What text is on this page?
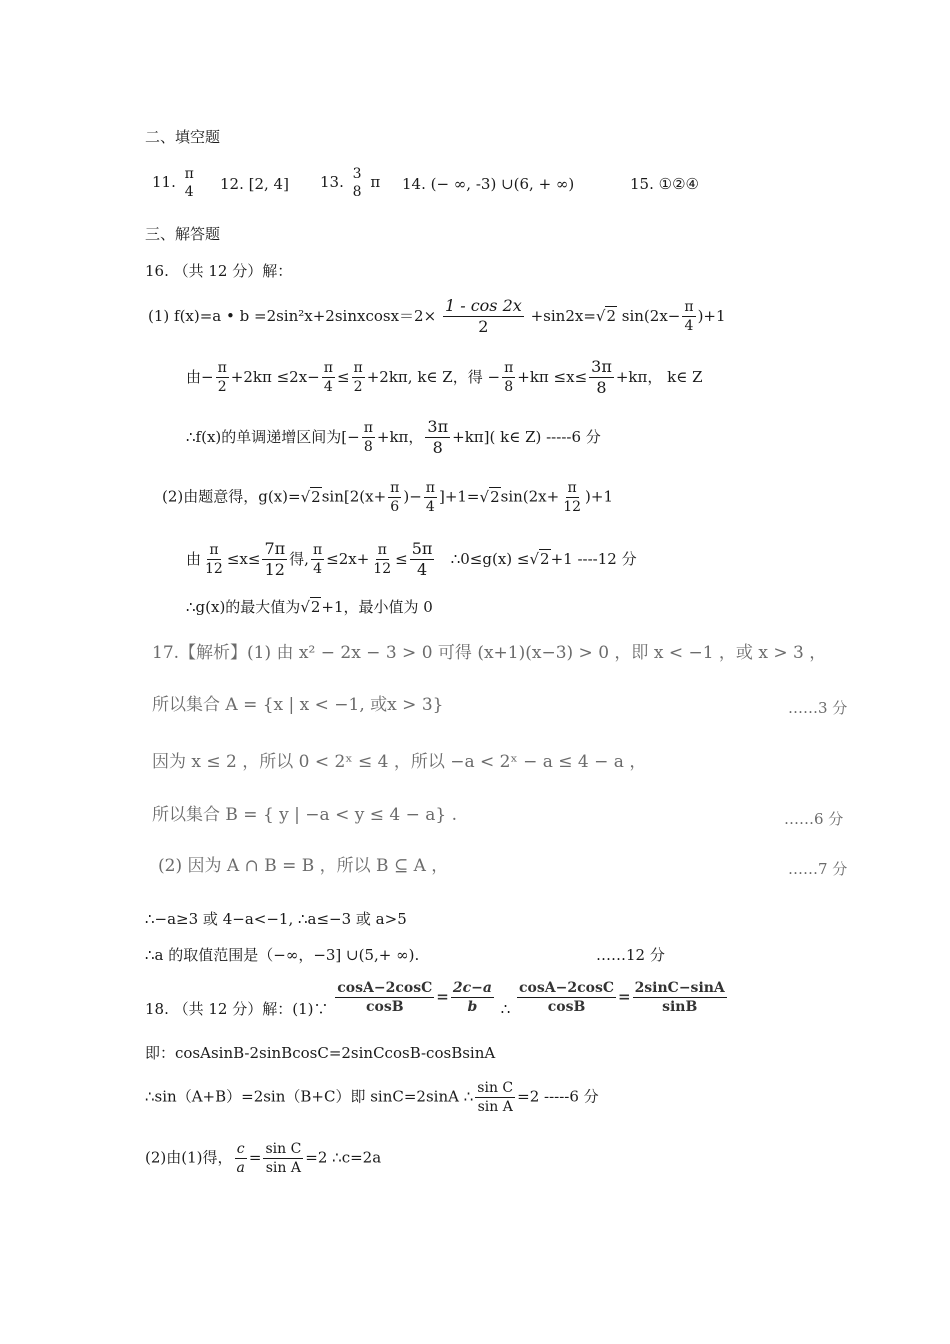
二、填空题
11. π
4 12. [2, 4] 13. 3
8
π 14. (− ∞, -3) ∪(6, + ∞)	15. ①②④
三、解答题
16. （共 12 分）解：
(1) f(x)=a • b =2sin²x+2sinxcosx＝2× $\frac{1 - \cos 2x}{2} +\sin 2x=√2$ $\sin(2x- \frac{\pi}{4} )+1$
由− $\frac{\pi}{2} +2k\pi \le 2x- \frac{\pi}{4} \le \frac{\pi}{2} +2k\pi$, k∈ Z，得 − $\frac{\pi}{8} +k\pi \le x\le \frac{3\pi}{8} +k\pi$， k∈ Z
∴f(x)的单调递增区间为[− $\frac{\pi}{8} +k\pi$， $\frac{3\pi}{8} +k\pi$]( k∈ Z) -----6 分
(2)由题意得，$g(x)=√2\sin[2(x+ \frac{\pi}{6}$ )− $\frac{\pi}{4} ]+1=√2\sin(2x+ \frac{\pi}{12} )+1$
由 $\frac{\pi}{12} \le x\le \frac{7\pi}{12}$ 得, $\frac{\pi}{4} \le 2x+ \frac{\pi}{12} \le \frac{5\pi}{4}$ ∴0≤g(x) ≤√2+1 ----12 分
∴g(x)的最大值为√2+1，最小值为 0
17.【解析】(1) 由 x² − 2x − 3 > 0 可得 (x+1)(x−3) > 0 ，即 x < −1 ，或 x > 3 ，
所以集合 A = {x | x < −1, 或x > 3}	……3 分
因为 x ≤ 2 ，所以 0 < 2ˣ ≤ 4 ，所以 −a < 2ˣ − a ≤ 4 − a ，
所以集合 B = { y | −a < y ≤ 4 − a} .	……6 分
(2) 因为 A ∩ B = B ，所以 B ⊆ A ，	……7 分
∴−a≥3 或 4−a<−1, ∴a≤−3 或 a>5
∴a 的取值范围是（−∞，−3] ∪(5,+ ∞).	……12 分
18. （共 12 分）解：(1)∵ $\frac{\cos A-2\cos C}{\cos B} = \frac{2c-a}{b}$ ∴ $\frac{\cos A-2\cos C}{\cos B} = \frac{2\sin C-\sin A}{\sin B}$
即：cosAsinB-2sinBcosC=2sinCcosB-cosBsinA
∴sin（A+B）=2sin（B+C）即 sinC=2sinA ∴ $\frac{\text{sin C}}{\text{sin A}} =2$ -----6 分
(2)由(1)得， $\frac{c}{a} = \frac{\text{sin C}}{\text{sin A}} =2$ ∴c=2a
